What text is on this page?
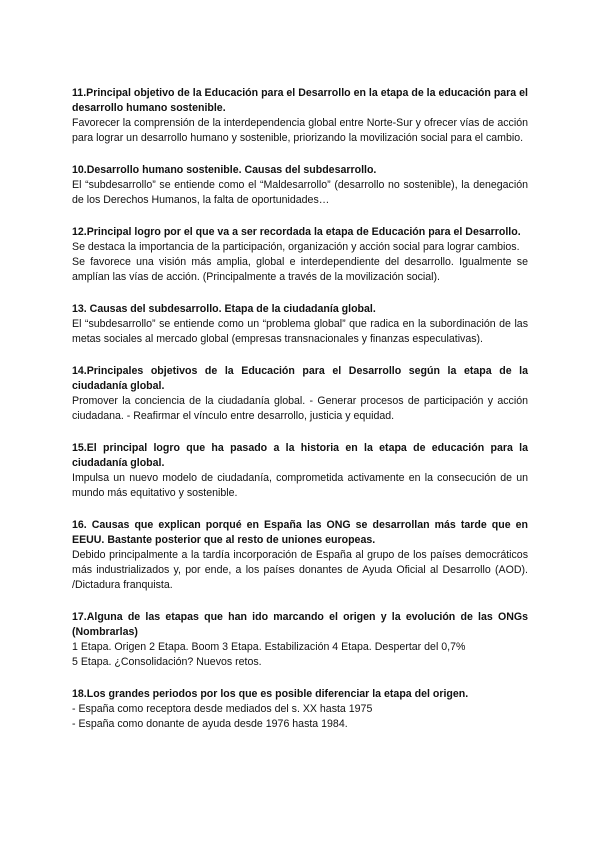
11.Principal objetivo de la Educación para el Desarrollo en la etapa de la educación para el desarrollo humano sostenible.

Favorecer la comprensión de la interdependencia global entre Norte-Sur y ofrecer vías de acción para lograr un desarrollo humano y sostenible, priorizando la movilización social para el cambio.

10.Desarrollo humano sostenible. Causas del subdesarrollo.

El “subdesarrollo” se entiende como el “Maldesarrollo” (desarrollo no sostenible), la denegación de los Derechos Humanos, la falta de oportunidades…

12.Principal logro por el que va a ser recordada la etapa de Educación para el Desarrollo.

Se destaca la importancia de la participación, organización y acción social para lograr cambios.

Se favorece una visión más amplia, global e interdependiente del desarrollo. Igualmente se amplían las vías de acción. (Principalmente a través de la movilización social).

13. Causas del subdesarrollo. Etapa de la ciudadanía global.

El “subdesarrollo” se entiende como un “problema global” que radica en la subordinación de las metas sociales al mercado global (empresas transnacionales y finanzas especulativas).

14.Principales objetivos de la Educación para el Desarrollo según la etapa de la ciudadanía global.

Promover la conciencia de la ciudadanía global. - Generar procesos de participación y acción ciudadana. - Reafirmar el vínculo entre desarrollo, justicia y equidad.

15.El principal logro que ha pasado a la historia en la etapa de educación para la ciudadanía global.

Impulsa un nuevo modelo de ciudadanía, comprometida activamente en la consecución de un mundo más equitativo y sostenible.

16. Causas que explican porqué en España las ONG se desarrollan más tarde que en EEUU. Bastante posterior que al resto de uniones europeas.

Debido principalmente a la tardía incorporación de España al grupo de los países democráticos más industrializados y, por ende, a los países donantes de Ayuda Oficial al Desarrollo (AOD). /Dictadura franquista.

17.Alguna de las etapas que han ido marcando el origen y la evolución de las ONGs (Nombrarlas)

1 Etapa. Origen 2 Etapa. Boom 3 Etapa. Estabilización 4 Etapa. Despertar del 0,7%

5 Etapa. ¿Consolidación? Nuevos retos.

18.Los grandes periodos por los que es posible diferenciar la etapa del origen.

- España como receptora desde mediados del s. XX hasta 1975

- España como donante de ayuda desde 1976 hasta 1984.
